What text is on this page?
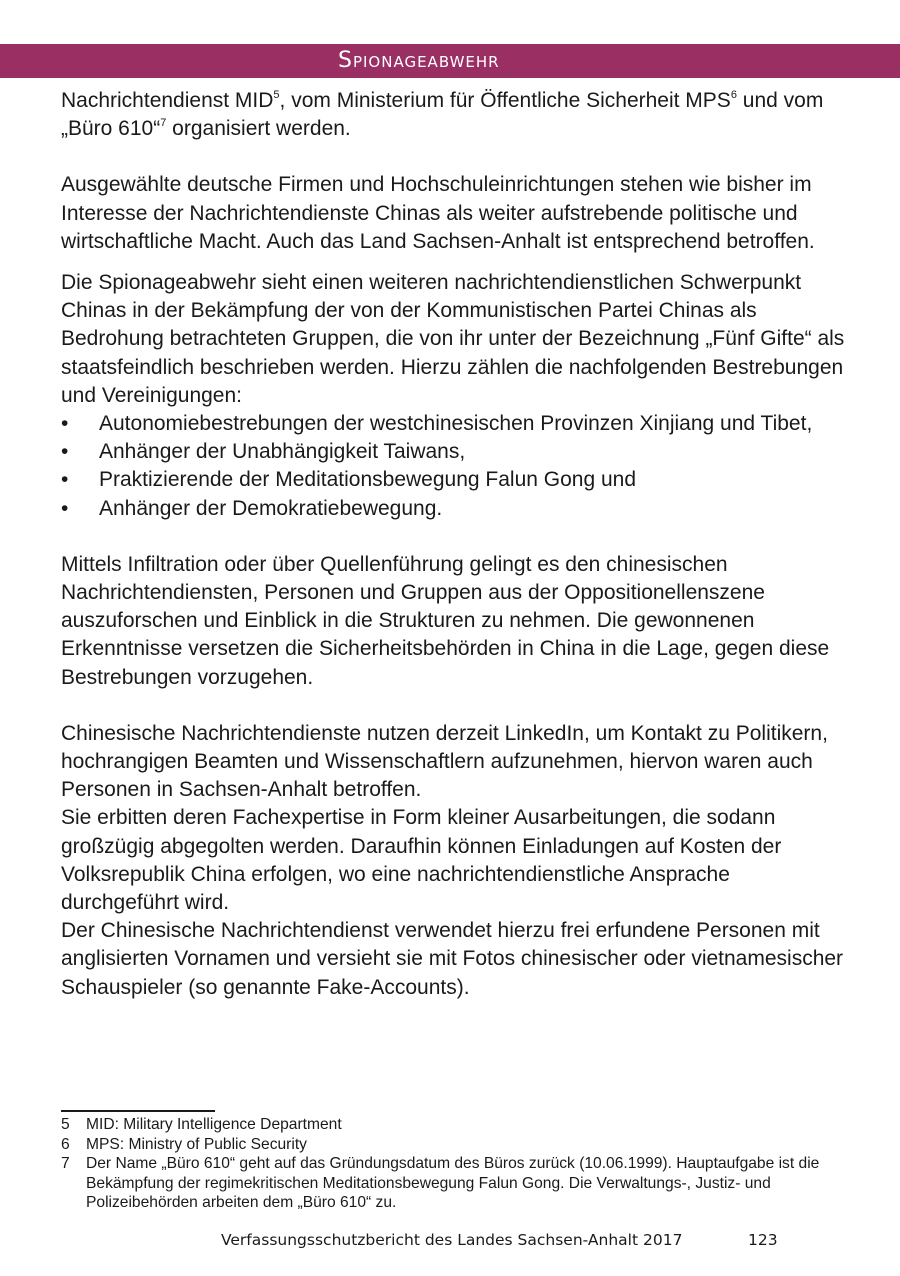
Spionageabwehr

Nachrichtendienst MID$^5$, vom Ministerium für Öffentliche Sicherheit MPS$^6$ und vom „Büro 610“$^7$ organisiert werden.

Ausgewählte deutsche Firmen und Hochschuleinrichtungen stehen wie bisher im Interesse der Nachrichtendienste Chinas als weiter aufstrebende politische und wirtschaftliche Macht. Auch das Land Sachsen-Anhalt ist entsprechend betroffen.

Die Spionageabwehr sieht einen weiteren nachrichtendienstlichen Schwerpunkt Chinas in der Bekämpfung der von der Kommunistischen Partei Chinas als Bedrohung betrachteten Gruppen, die von ihr unter der Bezeichnung „Fünf Gifte“ als staatsfeindlich beschrieben werden. Hierzu zählen die nachfolgenden Bestrebungen und Vereinigungen:

• Autonomiebestrebungen der westchinesischen Provinzen Xinjiang und Tibet,
• Anhänger der Unabhängigkeit Taiwans,
• Praktizierende der Meditationsbewegung Falun Gong und
• Anhänger der Demokratiebewegung.

Mittels Infiltration oder über Quellenführung gelingt es den chinesischen Nachrichtendiensten, Personen und Gruppen aus der Oppositionellenszene auszuforschen und Einblick in die Strukturen zu nehmen. Die gewonnenen Erkenntnisse versetzen die Sicherheitsbehörden in China in die Lage, gegen diese Bestrebungen vorzugehen.

Chinesische Nachrichtendienste nutzen derzeit LinkedIn, um Kontakt zu Politikern, hochrangigen Beamten und Wissenschaftlern aufzunehmen, hiervon waren auch Personen in Sachsen-Anhalt betroffen.

Sie erbitten deren Fachexpertise in Form kleiner Ausarbeitungen, die sodann großzügig abgegolten werden. Daraufhin können Einladungen auf Kosten der Volksrepublik China erfolgen, wo eine nachrichtendienstliche Ansprache durchgeführt wird.

Der Chinesische Nachrichtendienst verwendet hierzu frei erfundene Personen mit anglisierten Vornamen und versieht sie mit Fotos chinesischer oder vietnamesischer Schauspieler (so genannte Fake-Accounts).

5 MID: Military Intelligence Department
6 MPS: Ministry of Public Security
7 Der Name „Büro 610“ geht auf das Gründungsdatum des Büros zurück (10.06.1999). Hauptaufgabe ist die Bekämpfung der regimekritischen Meditationsbewegung Falun Gong. Die Verwaltungs-, Justiz- und Polizeibehörden arbeiten dem „Büro 610“ zu.
Verfassungsschutzbericht des Landes Sachsen-Anhalt 2017	123
